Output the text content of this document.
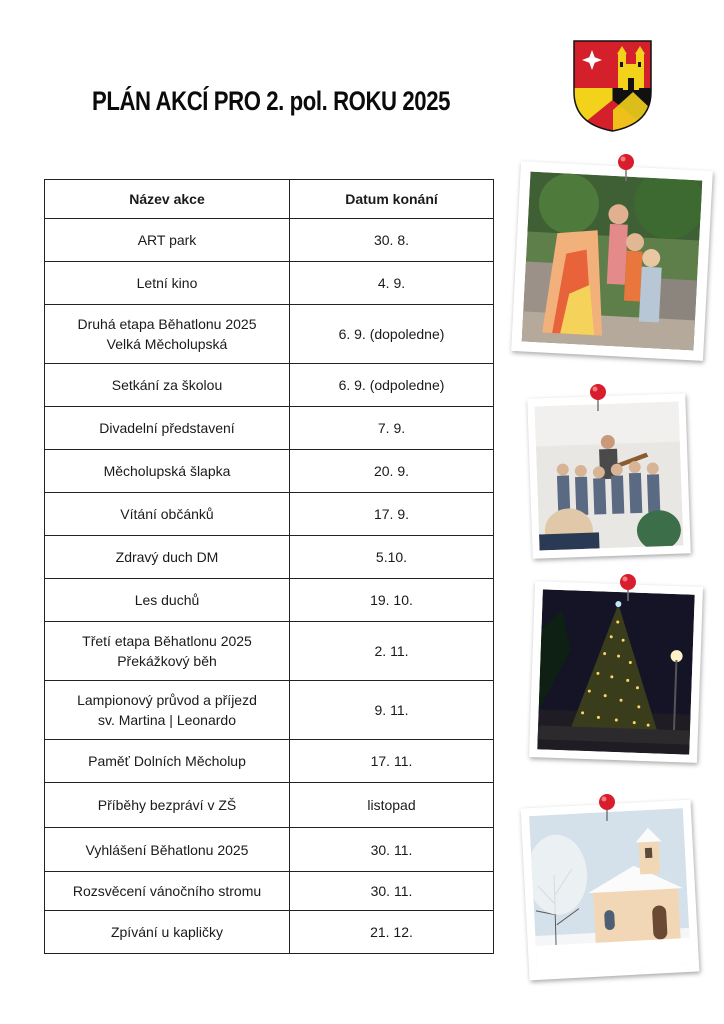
PLÁN AKCÍ PRO 2. pol. ROKU 2025
Název akce	Datum konání
ART park	30. 8.
Letní kino	4. 9.
Druhá etapa Běhatlonu 2025
Velká Měcholupská	6. 9. (dopoledne)
Setkání za školou	6. 9. (odpoledne)
Divadelní představení	7. 9.
Měcholupská šlapka	20. 9.
Vítání občánků	17. 9.
Zdravý duch DM	5.10.
Les duchů	19. 10.
Třetí etapa Běhatlonu 2025
Překážkový běh	2. 11.
Lampionový průvod a příjezd
sv. Martina | Leonardo	9. 11.
Paměť Dolních Měcholup	17. 11.
Příběhy bezpráví v ZŠ	listopad
Vyhlášení Běhatlonu 2025	30. 11.
Rozsvěcení vánočního stromu	30. 11.
Zpívání u kapličky	21. 12.
